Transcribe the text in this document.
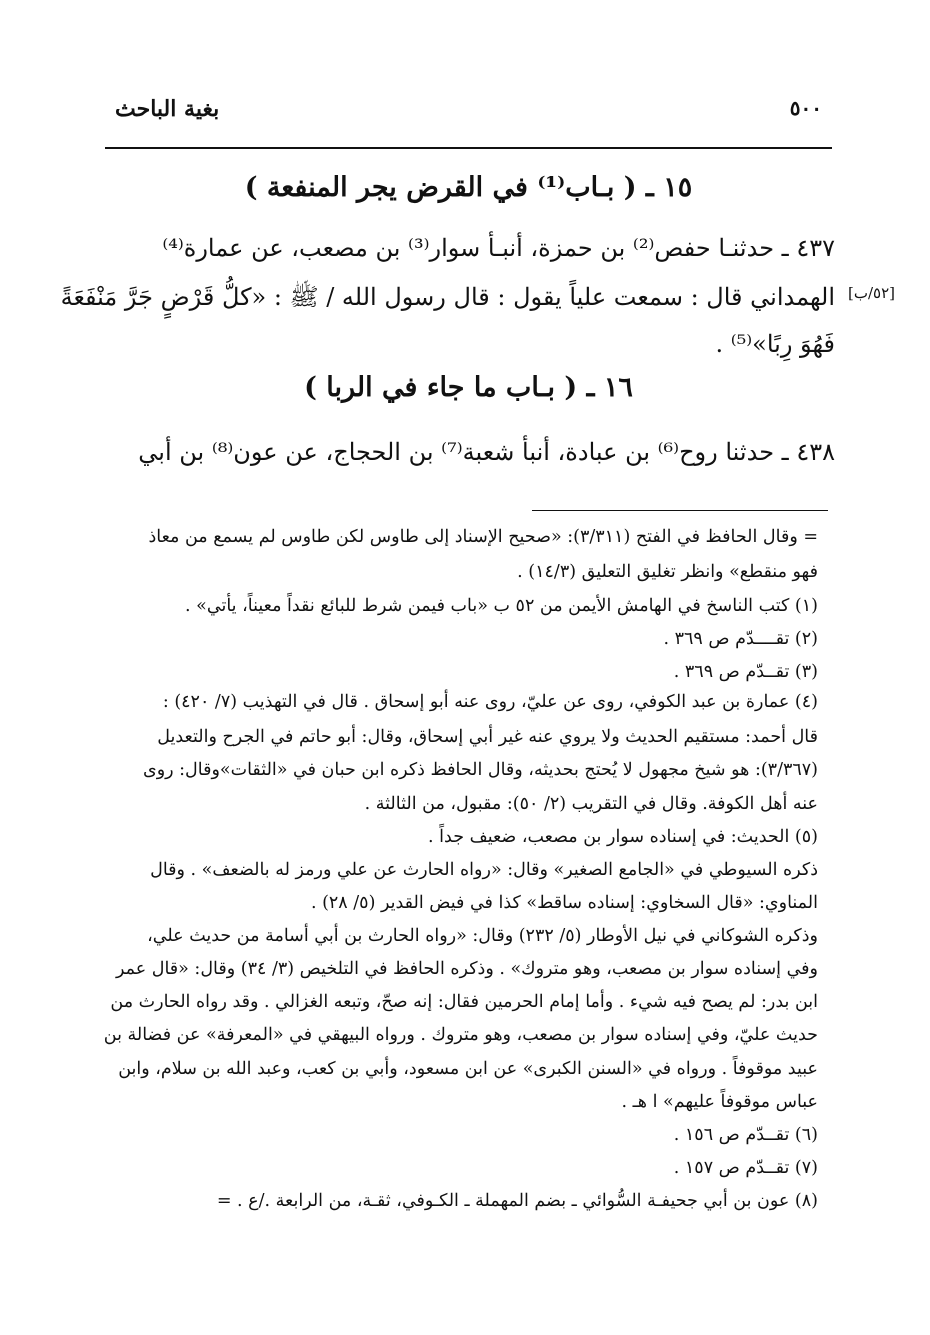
بغية الباحث	٥٠٠
١٥ ـ ( بـاب⁽¹⁾ في القرض يجر المنفعة )
٤٣٧ ـ حدثنـا حفص⁽²⁾ بن حمزة، أنبـأ سوار⁽³⁾ بن مصعب، عن عمارة⁽⁴⁾
الهمداني قال : سمعت علياً يقول : قال رسول الله / ﷺ : «كلُّ قَرْضٍ جَرَّ مَنْفَعَةً
فَهُوَ رِبًا»⁽⁵⁾ .
[٥٢/ب]
١٦ ـ ( بـاب ما جاء في الربا )
٤٣٨ ـ حدثنا روح⁽⁶⁾ بن عبادة، أنبأ شعبة⁽⁷⁾ بن الحجاج، عن عون⁽⁸⁾ بن أبي
= وقال الحافظ في الفتح (٣/٣١١): «صحيح الإسناد إلى طاوس لكن طاوس لم يسمع من معاذ
فهو منقطع» وانظر تغليق التعليق (١٤/٣) .
(١) كتب الناسخ في الهامش الأيمن من ٥٢ ب «باب فيمن شرط للبائع نقداً معيناً، يأتي» .
(٢) تقــــدّم ص ٣٦٩ .
(٣) تقــدّم ص ٣٦٩ .
(٤) عمارة بن عبد الكوفي، روى عن عليّ، روى عنه أبو إسحاق . قال في التهذيب (٧/ ٤٢٠) :
قال أحمد: مستقيم الحديث ولا يروي عنه غير أبي إسحاق، وقال: أبو حاتم في الجرح والتعديل
(٣/٣٦٧): هو شيخ مجهول لا يُحتج بحديثه، وقال الحافظ ذكره ابن حبان في «الثقات»وقال: روى
عنه أهل الكوفة. وقال في التقريب (٢/ ٥٠): مقبول، من الثالثة .
(٥) الحديث: في إسناده سوار بن مصعب، ضعيف جداً .
ذكره السيوطي في «الجامع الصغير» وقال: «رواه الحارث عن علي ورمز له بالضعف» . وقال
المناوي: «قال السخاوي: إسناده ساقط» كذا في فيض القدير (٥/ ٢٨) .
وذكره الشوكاني في نيل الأوطار (٥/ ٢٣٢) وقال: «رواه الحارث بن أبي أسامة من حديث علي،
وفي إسناده سوار بن مصعب، وهو متروك» . وذكره الحافظ في التلخيص (٣/ ٣٤) وقال: «قال عمر
ابن بدر: لم يصح فيه شيء . وأما إمام الحرمين فقال: إنه صحّ، وتبعه الغزالي . وقد رواه الحارث من
حديث عليّ، وفي إسناده سوار بن مصعب، وهو متروك . ورواه البيهقي في «المعرفة» عن فضالة بن
عبيد موقوفاً . ورواه في «السنن الكبرى» عن ابن مسعود، وأبي بن كعب، وعبد الله بن سلام، وابن
عباس موقوفاً عليهم» ا هـ .
(٦) تقــدّم ص ١٥٦ .
(٧) تقــدّم ص ١٥٧ .
(٨) عون بن أبي جحيفـة السُّوائي ـ بضم المهملة ـ الكـوفي، ثقـة، من الرابعة ./ع . =
